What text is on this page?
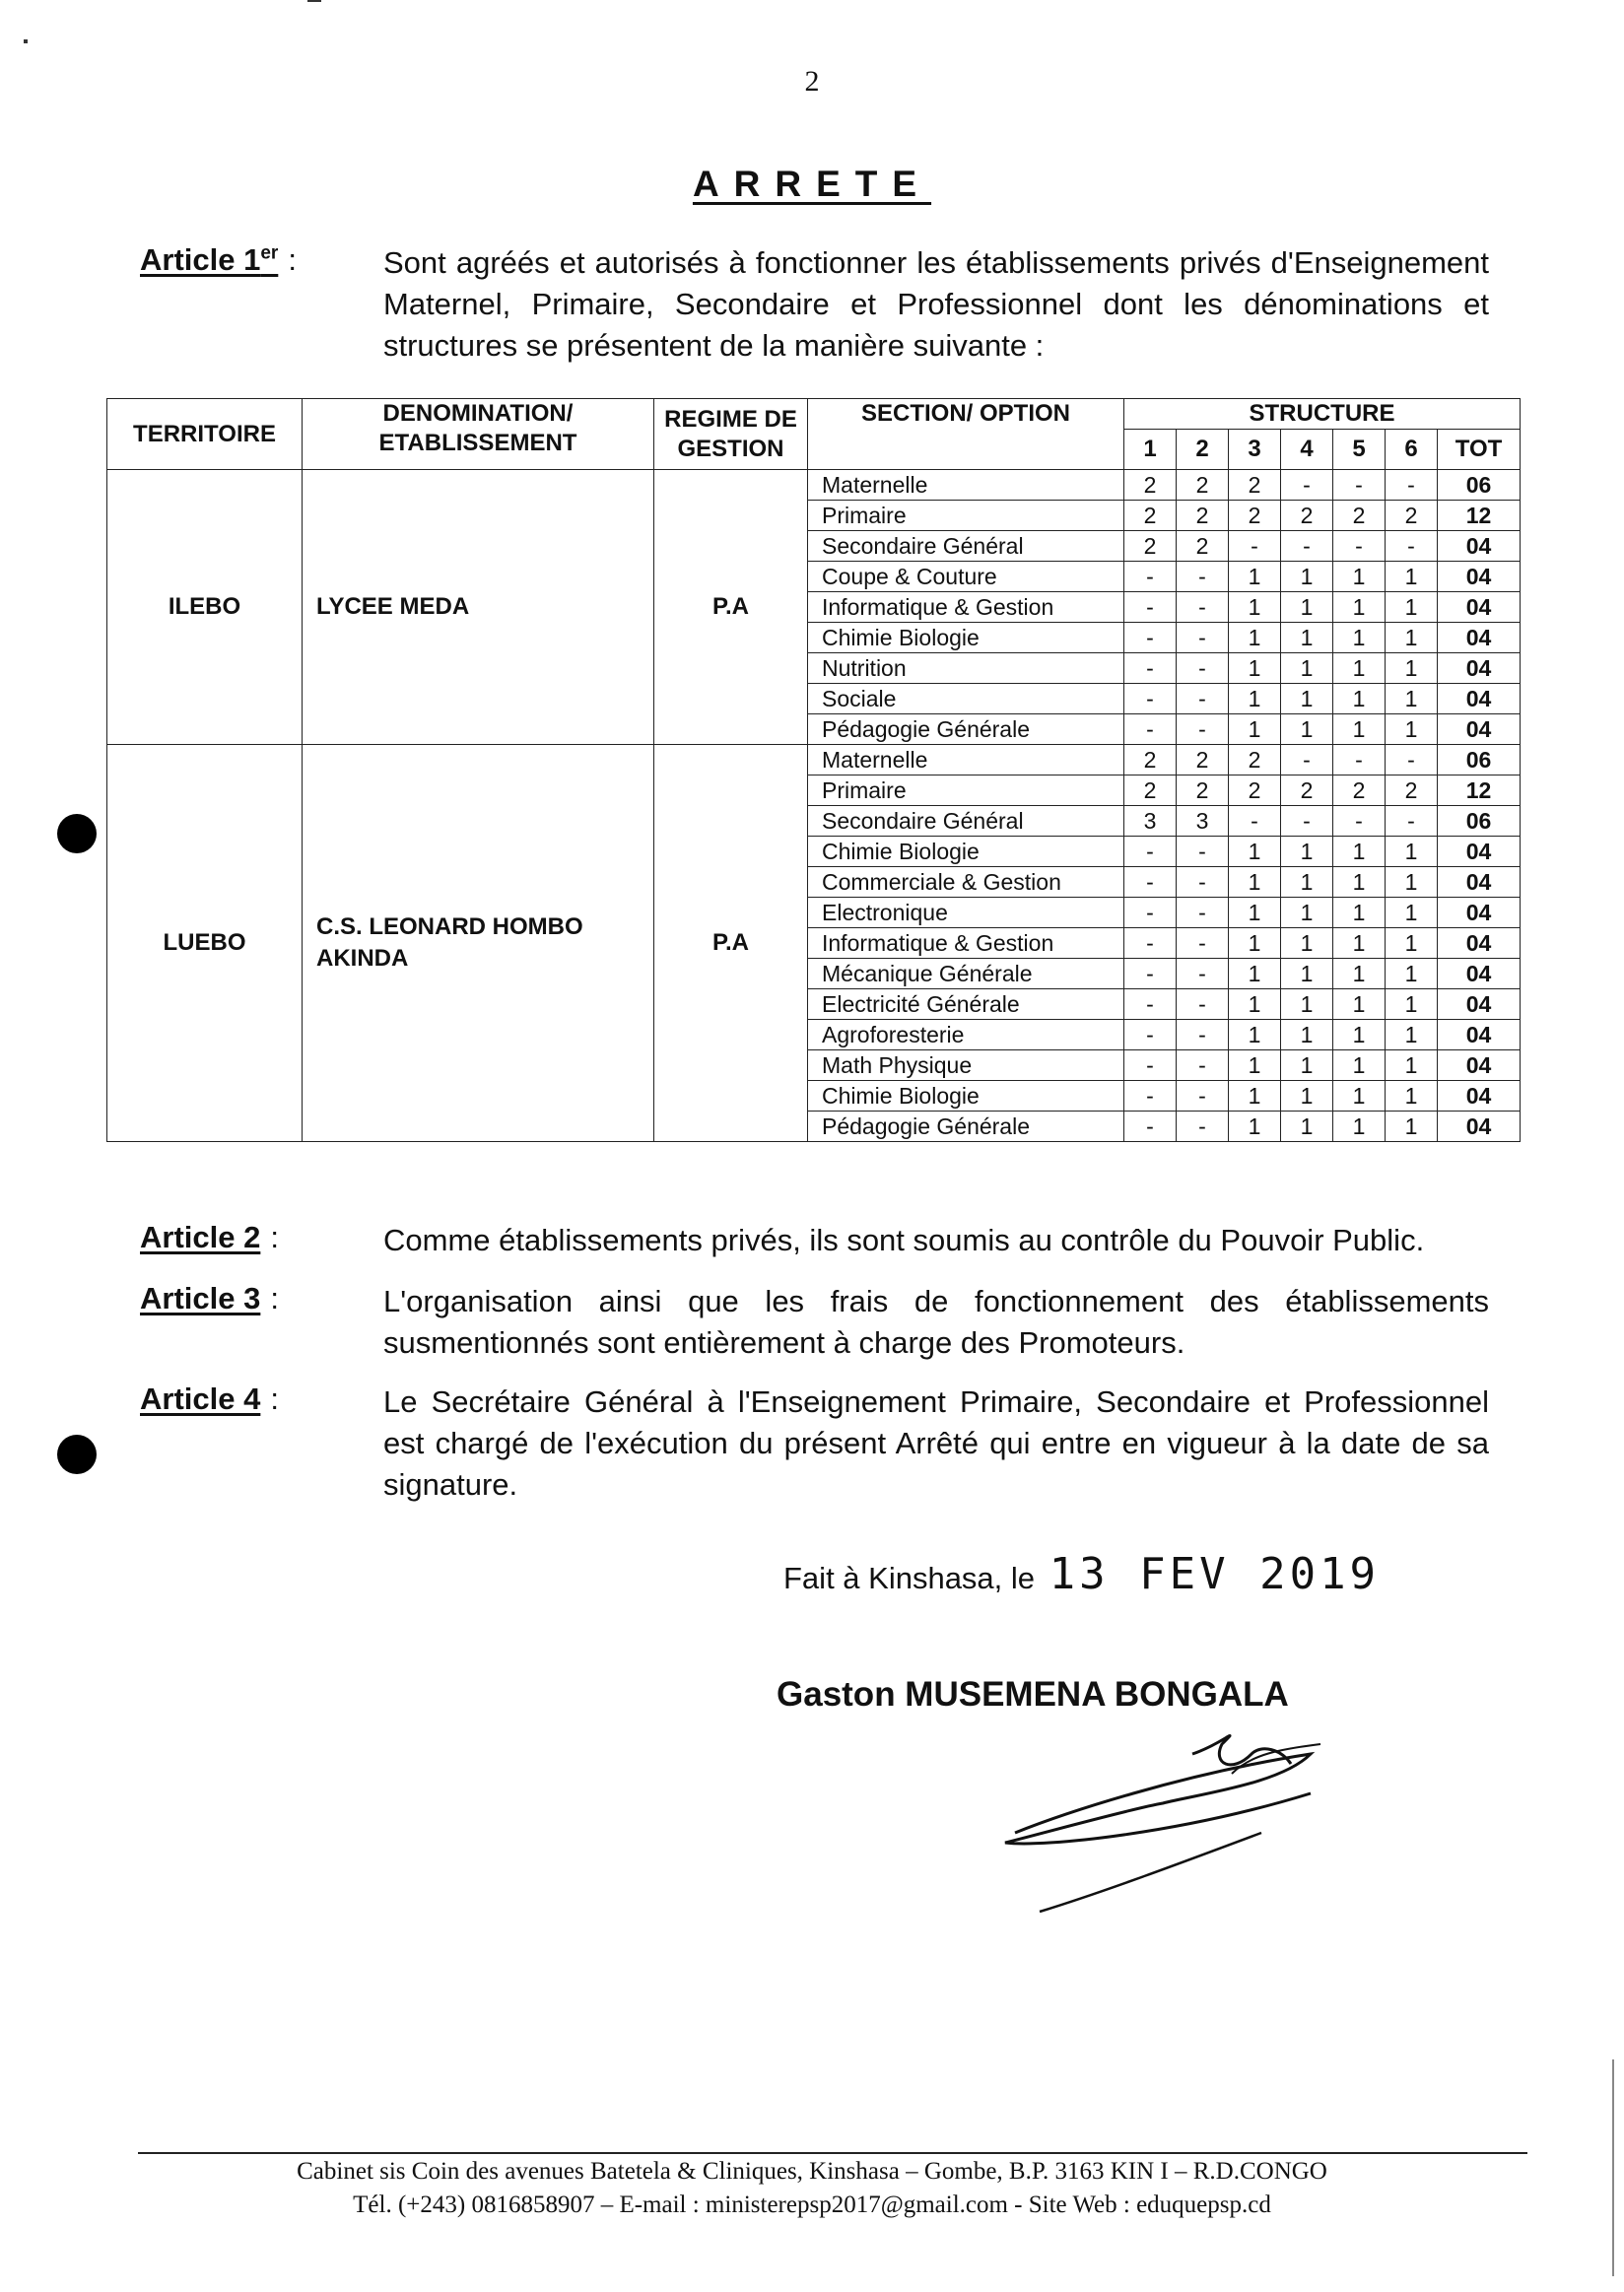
2
ARRETE
Article 1er :	Sont agréés et autorisés à fonctionner les établissements privés d'Enseignement Maternel, Primaire, Secondaire et Professionnel dont les dénominations et structures se présentent de la manière suivante :
TERRITOIRE	DENOMINATION/ ETABLISSEMENT	REGIME DE GESTION	SECTION/ OPTION	STRUCTURE						
				1	2	3	4	5	6	TOT
ILEBO	LYCEE MEDA	P.A	Maternelle	2	2	2	-	-	-	06
			Primaire	2	2	2	2	2	2	12
			Secondaire Général	2	2	-	-	-	-	04
			Coupe & Couture	-	-	1	1	1	1	04
			Informatique & Gestion	-	-	1	1	1	1	04
			Chimie Biologie	-	-	1	1	1	1	04
			Nutrition	-	-	1	1	1	1	04
			Sociale	-	-	1	1	1	1	04
			Pédagogie Générale	-	-	1	1	1	1	04
LUEBO	C.S. LEONARD HOMBO AKINDA	P.A	Maternelle	2	2	2	-	-	-	06
			Primaire	2	2	2	2	2	2	12
			Secondaire Général	3	3	-	-	-	-	06
			Chimie Biologie	-	-	1	1	1	1	04
			Commerciale & Gestion	-	-	1	1	1	1	04
			Electronique	-	-	1	1	1	1	04
			Informatique & Gestion	-	-	1	1	1	1	04
			Mécanique Générale	-	-	1	1	1	1	04
			Electricité Générale	-	-	1	1	1	1	04
			Agroforesterie	-	-	1	1	1	1	04
			Math Physique	-	-	1	1	1	1	04
			Chimie Biologie	-	-	1	1	1	1	04
			Pédagogie Générale	-	-	1	1	1	1	04
Article 2 :	Comme établissements privés, ils sont soumis au contrôle du Pouvoir Public.
Article 3 :	L'organisation ainsi que les frais de fonctionnement des établissements susmentionnés sont entièrement à charge des Promoteurs.
Article 4 :	Le Secrétaire Général à l'Enseignement Primaire, Secondaire et Professionnel est chargé de l'exécution du présent Arrêté qui entre en vigueur à la date de sa signature.
Fait à Kinshasa, le 13 FEV 2019
Gaston MUSEMENA BONGALA
Cabinet sis Coin des avenues Batetela & Cliniques, Kinshasa – Gombe, B.P. 3163 KIN I – R.D.CONGO
Tél. (+243) 0816858907 – E-mail : ministerepsp2017@gmail.com - Site Web : eduquepsp.cd
